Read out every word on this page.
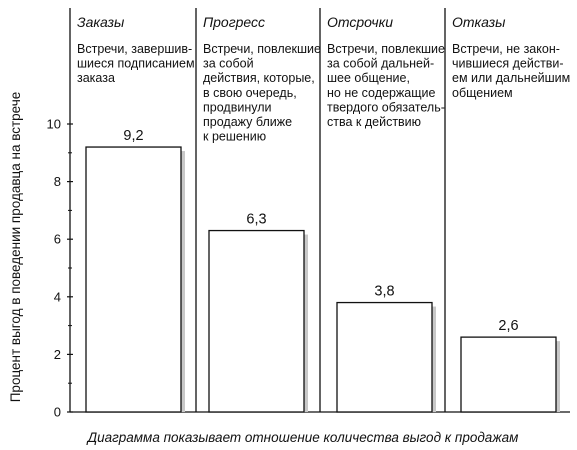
0
2
4
6
8
10
Заказы
Встречи, завершив-шиеся подписанием заказа
Прогресс
Встречи, повлекшие за собой действия, которые, в свою очередь, продвинули продажу ближе к решению
Отсрочки
Встречи, повлекшие за собой дальней-шее общение, но не содержащие твердого обязатель-ства к действию
Отказы
Встречи, не закон-чившиеся действи-ем или дальнейшим общением
9,2
6,3
3,8
2,6
Процент выгод в поведении продавца на встрече
Диаграмма показывает отношение количества выгод к продажам
